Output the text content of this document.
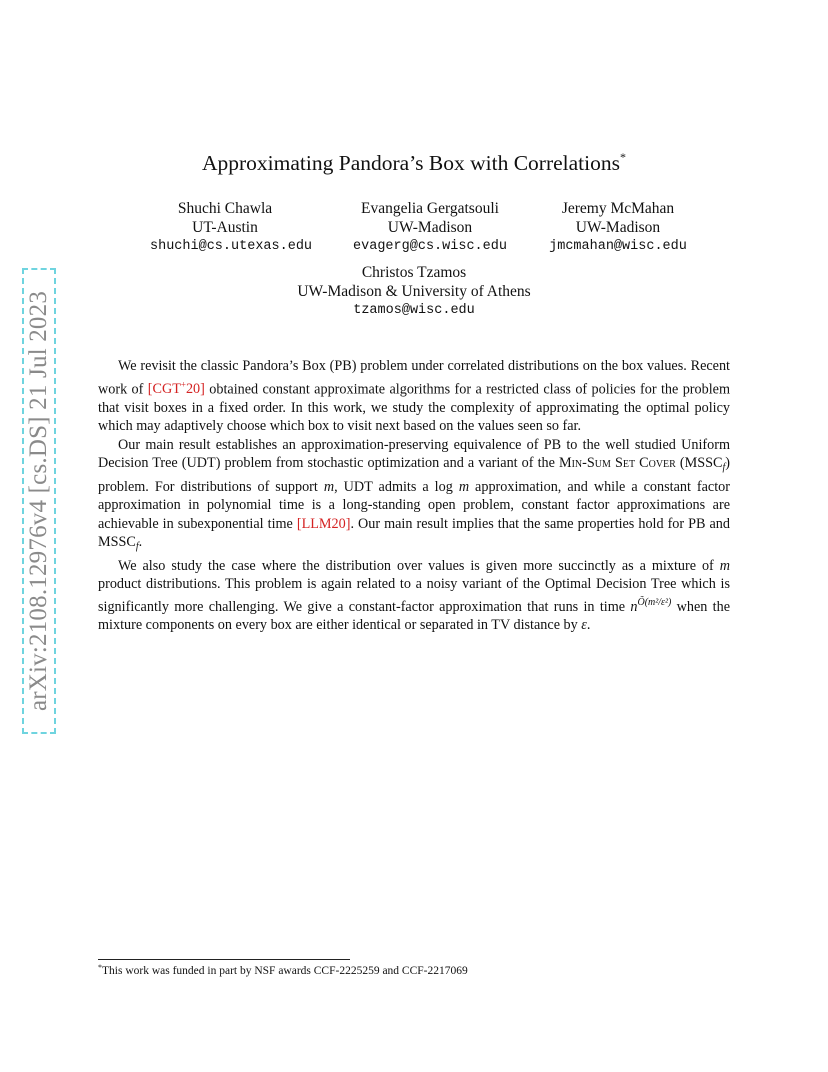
arXiv:2108.12976v4 [cs.DS] 21 Jul 2023
Approximating Pandora’s Box with Correlations*
Shuchi Chawla
UT-Austin
shuchi@cs.utexas.edu
Evangelia Gergatsouli
UW-Madison
evagerg@cs.wisc.edu
Jeremy McMahan
UW-Madison
jmcmahan@wisc.edu
Christos Tzamos
UW-Madison & University of Athens
tzamos@wisc.edu

We revisit the classic Pandora’s Box (PB) problem under correlated distributions on the box values. Recent work of [CGT+20] obtained constant approximate algorithms for a restricted class of policies for the problem that visit boxes in a fixed order. In this work, we study the complexity of approximating the optimal policy which may adaptively choose which box to visit next based on the values seen so far.

Our main result establishes an approximation-preserving equivalence of PB to the well studied Uniform Decision Tree (UDT) problem from stochastic optimization and a variant of the Min-Sum Set Cover $(MSSC_f)$ problem. For distributions of support m, UDT admits a log m approximation, and while a constant factor approximation in polynomial time is a long-standing open problem, constant factor approximations are achievable in subexponential time [LLM20]. Our main result implies that the same properties hold for PB and $MSSC_f$.

We also study the case where the distribution over values is given more succinctly as a mixture of m product distributions. This problem is again related to a noisy variant of the Optimal Decision Tree which is significantly more challenging. We give a constant-factor approximation that runs in time $n^{Õ(m^2/\varepsilon^2)}$ when the mixture components on every box are either identical or separated in TV distance by ε.

*This work was funded in part by NSF awards CCF-2225259 and CCF-2217069
